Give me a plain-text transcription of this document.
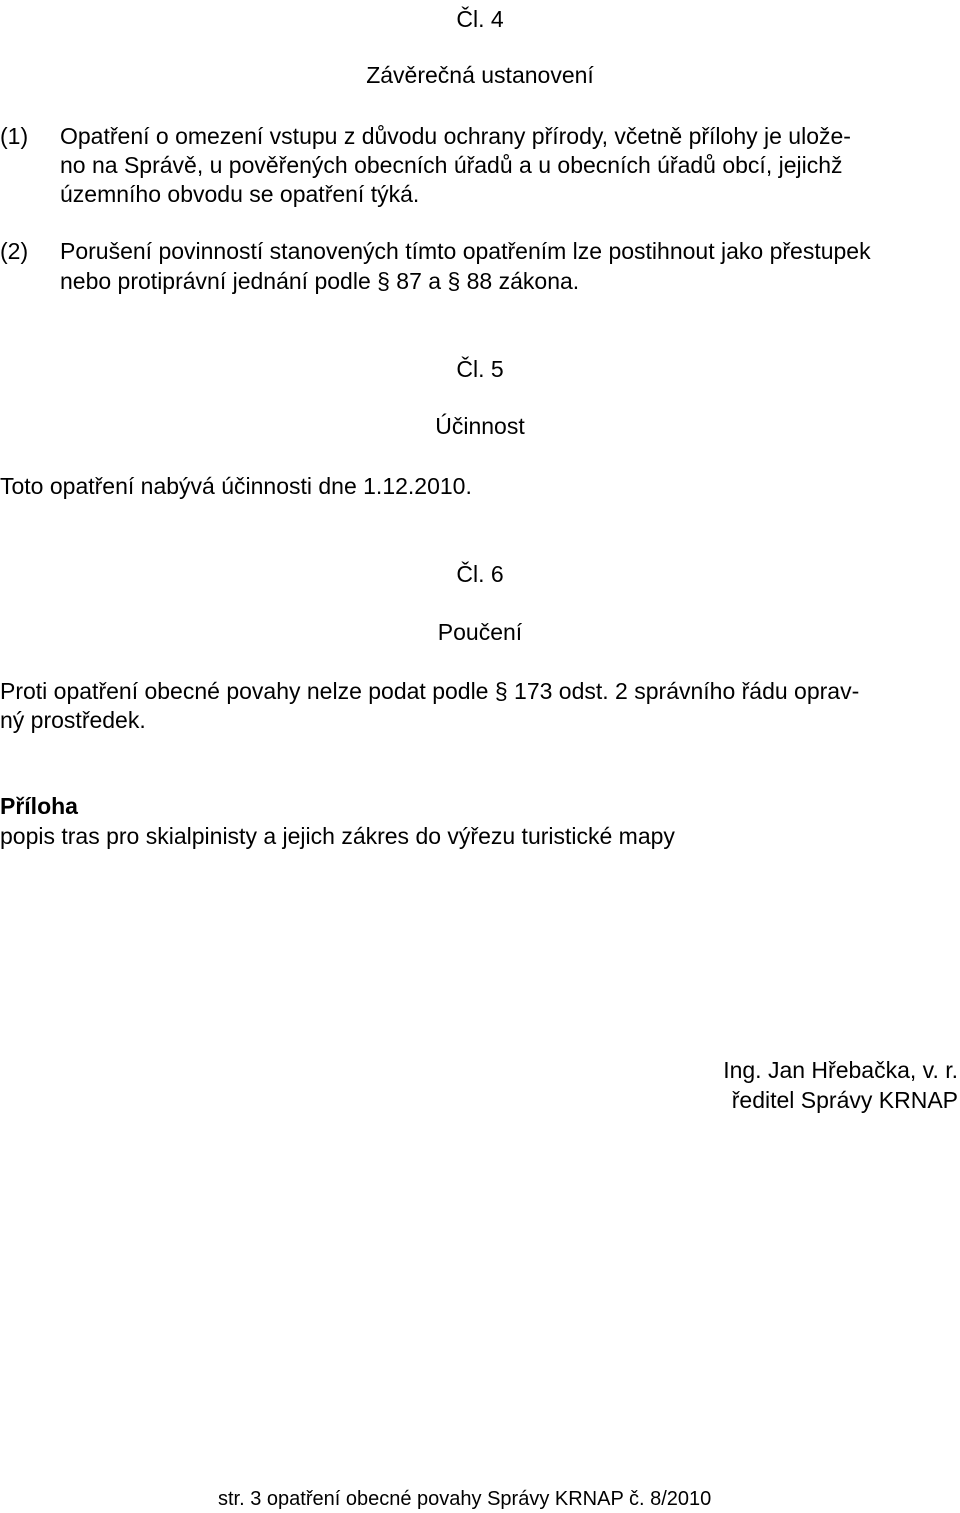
Čl. 4
Závěrečná ustanovení
(1) Opatření o omezení vstupu z důvodu ochrany přírody, včetně přílohy je ulože-
no na Správě, u pověřených obecních úřadů a u obecních úřadů obcí, jejichž
územního obvodu se opatření týká.
(2) Porušení povinností stanovených tímto opatřením lze postihnout jako přestupek
nebo protiprávní jednání podle § 87 a § 88 zákona.
Čl. 5
Účinnost
Toto opatření nabývá účinnosti dne 1.12.2010.
Čl. 6
Poučení
Proti opatření obecné povahy nelze podat podle § 173 odst. 2 správního řádu oprav-
ný prostředek.
Příloha
popis tras pro skialpinisty a jejich zákres do výřezu turistické mapy
Ing. Jan Hřebačka, v. r.
ředitel Správy KRNAP
str. 3 opatření obecné povahy Správy KRNAP č. 8/2010
